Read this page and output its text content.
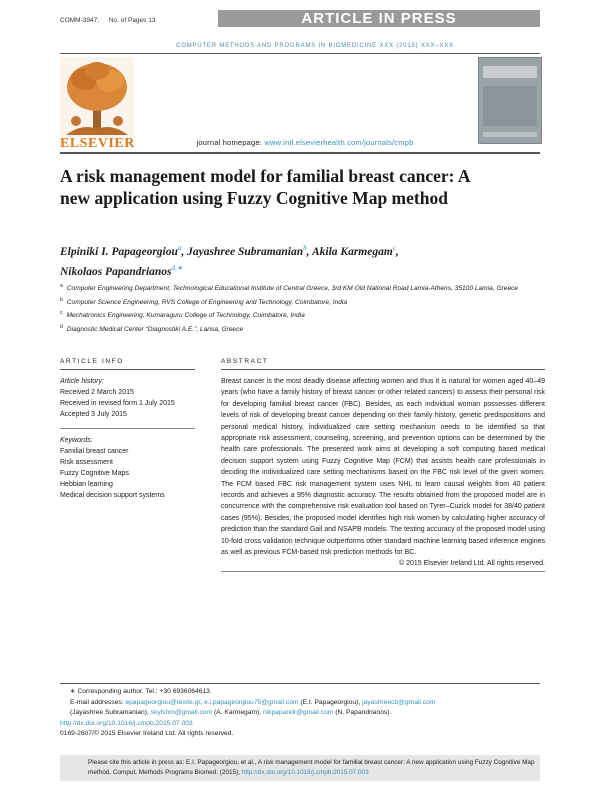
COMM-3947; No. of Pages 13	ARTICLE IN PRESS
COMPUTER METHODS AND PROGRAMS IN BIOMEDICINE XXX (2015) XXX–XXX
ELSEVIER	journal homepage: www.intl.elsevierhealth.com/journals/cmpb
A risk management model for familial breast cancer: A new application using Fuzzy Cognitive Map method
Elpiniki I. Papageorgiou$^a$, Jayashree Subramanian$^b$, Akila Karmegam$^c$,
Nikolaos Papandrianos$^{d,∗}$
$^a$ Computer Engineering Department, Technological Educational Institute of Central Greece, 3rd KM Old National Road Lamia-Athens, 35100 Lamia, Greece
$^b$ Computer Science Engineering, RVS College of Engineering and Technology, Coimbatore, India
$^c$ Mechatronics Engineering, Kumaraguru College of Technology, Coimbatore, India
$^d$ Diagnostic Medical Center “Diagnostiki A.E.”, Larisa, Greece
ARTICLE INFO
Article history:
Received 2 March 2015
Received in revised form 1 July 2015
Accepted 3 July 2015
Keywords:
Familial breast cancer
Risk assessment
Fuzzy Cognitive Maps
Hebbian learning
Medical decision support systems
ABSTRACT
Breast cancer is the most deadly disease affecting women and thus it is natural for women aged 40–49 years (who have a family history of breast cancer or other related cancers) to assess their personal risk for developing familial breast cancer (FBC). Besides, as each individual woman possesses different levels of risk of developing breast cancer depending on their family history, genetic predispositions and personal medical history, individualized care setting mechanism needs to be identified so that appropriate risk assessment, counseling, screening, and prevention options can be determined by the health care professionals. The presented work aims at developing a soft computing based medical decision support system using Fuzzy Cognitive Map (FCM) that assists health care professionals in deciding the individualized care setting mechanisms based on the FBC risk level of the given women. The FCM based FBC risk management system uses NHL to learn causal weights from 40 patient records and achieves a 95% diagnostic accuracy. The results obtained from the proposed model are in concurrence with the comprehensive risk evaluation tool based on Tyrer–Cuzick model for 38/40 patient cases (95%). Besides, the proposed model identifies high risk women by calculating higher accuracy of prediction than the standard Gail and NSAPB models. The testing accuracy of the proposed model using 10-fold cross validation technique outperforms other standard machine learning based inference engines as well as previous FCM-based risk prediction methods for BC.
© 2015 Elsevier Ireland Ltd. All rights reserved.
∗ Corresponding author. Tel.: +30 6936064613.
E-mail addresses: epapageorgiou@teiste.gr, e.i.papageorgiou75@gmail.com (E.I. Papageorgiou), jayashreecb@gmail.com
(Jayashree Subramanian), skylshm@gmail.com (A. Karmegam), nikpapandr@gmail.com (N. Papandrianos).
http://dx.doi.org/10.1016/j.cmpb.2015.07.003
0169-2607/© 2015 Elsevier Ireland Ltd. All rights reserved.
Please cite this article in press as: E.I. Papageorgiou, et al., A risk management model for familial breast cancer: A new application using Fuzzy Cognitive Map method, Comput. Methods Programs Biomed. (2015), http://dx.doi.org/10.1016/j.cmpb.2015.07.003
